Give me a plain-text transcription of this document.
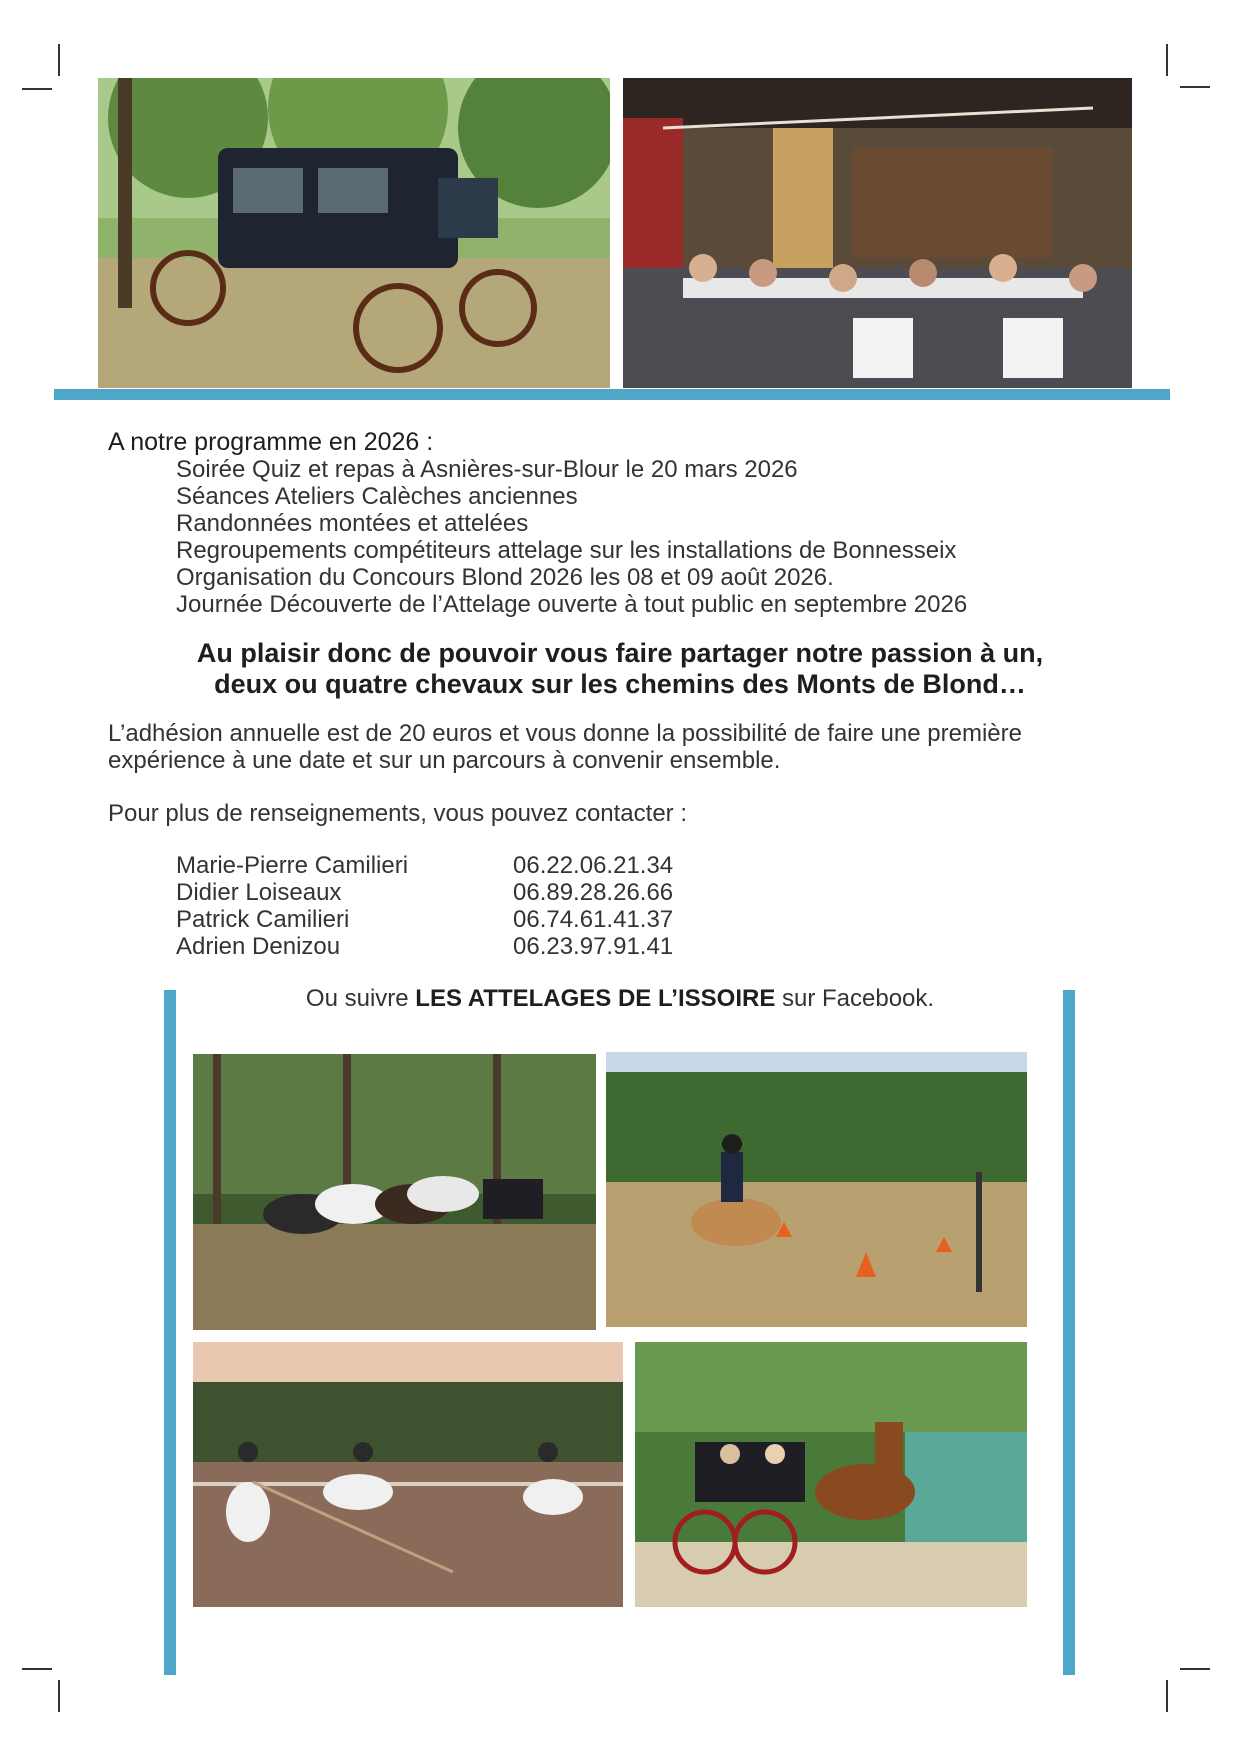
A notre programme en 2026 :
Soirée Quiz et repas à Asnières-sur-Blour le 20 mars 2026
Séances Ateliers Calèches anciennes
Randonnées montées et attelées
Regroupements compétiteurs attelage sur les installations de Bonnesseix
Organisation du Concours Blond 2026 les 08 et 09 août 2026.
Journée Découverte de l’Attelage ouverte à tout public en septembre 2026
Au plaisir donc de pouvoir vous faire partager notre passion à un,
deux ou quatre chevaux sur les chemins des Monts de Blond…
L’adhésion annuelle est de 20 euros et vous donne la possibilité de faire une première
expérience à une date et sur un parcours à convenir ensemble.
Pour plus de renseignements, vous pouvez contacter :
Marie-Pierre Camilieri	06.22.06.21.34
Didier Loiseaux	06.89.28.26.66
Patrick Camilieri	06.74.61.41.37
Adrien Denizou	06.23.97.91.41
Ou suivre LES ATTELAGES DE L’ISSOIRE sur Facebook.
